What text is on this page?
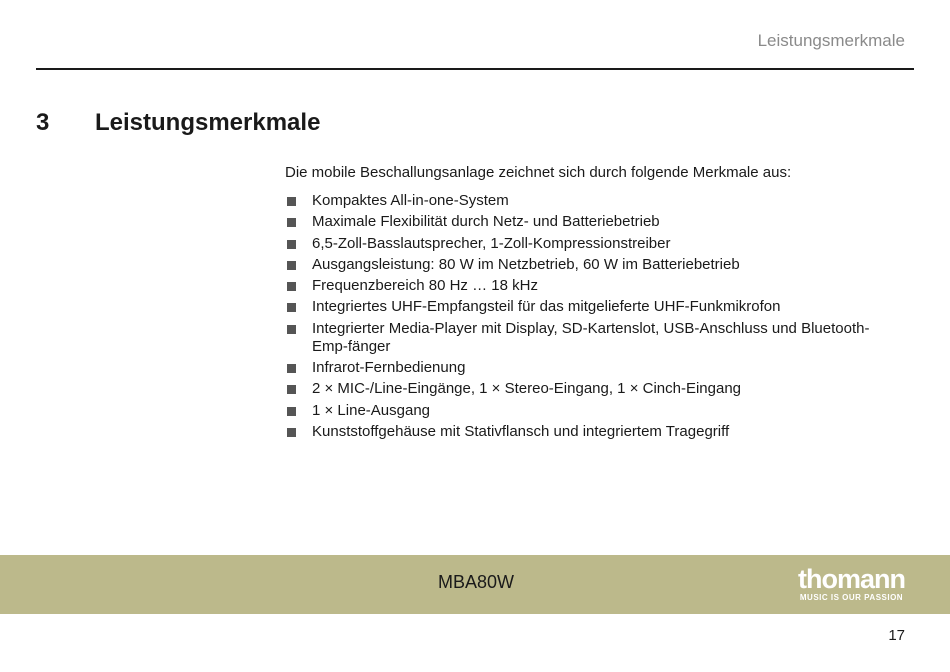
Leistungsmerkmale
3 Leistungsmerkmale

Die mobile Beschallungsanlage zeichnet sich durch folgende Merkmale aus:

Kompaktes All-in-one-System
Maximale Flexibilität durch Netz- und Batteriebetrieb
6,5-Zoll-Basslautsprecher, 1-Zoll-Kompressionstreiber
Ausgangsleistung: 80 W im Netzbetrieb, 60 W im Batteriebetrieb
Frequenzbereich 80 Hz … 18 kHz
Integriertes UHF-Empfangsteil für das mitgelieferte UHF-Funkmikrofon
Integrierter Media-Player mit Display, SD-Kartenslot, USB-Anschluss und Bluetooth-Emp-fänger
Infrarot-Fernbedienung
2 × MIC-/Line-Eingänge, 1 × Stereo-Eingang, 1 × Cinch-Eingang
1 × Line-Ausgang
Kunststoffgehäuse mit Stativflansch und integriertem Tragegriff
MBA80W	thomann
MUSIC IS OUR PASSION
17
